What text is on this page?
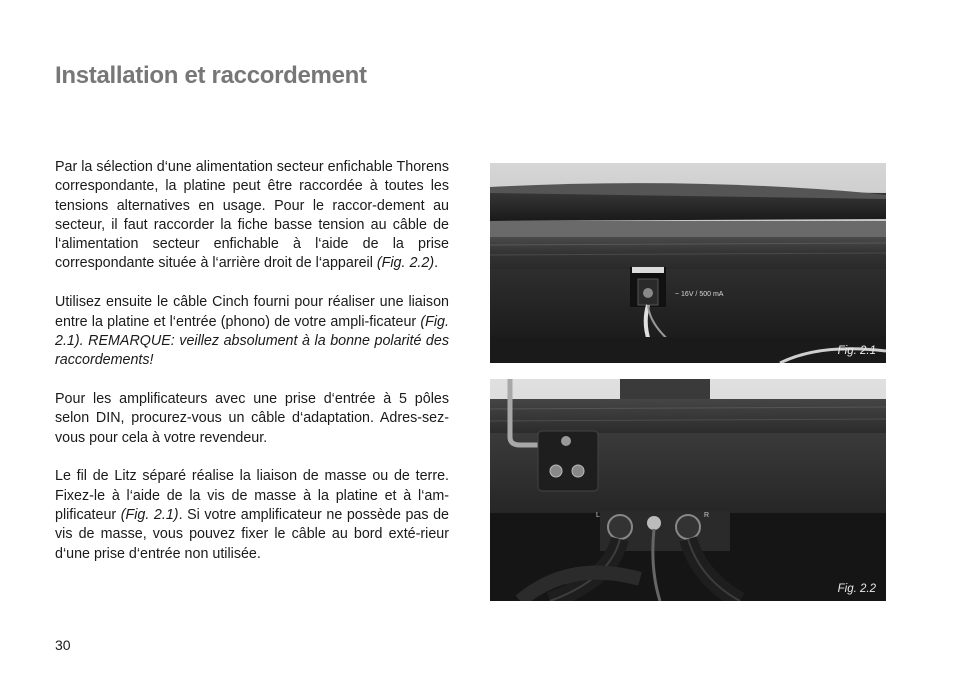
Installation et raccordement

Par la sélection d‘une alimentation secteur enfichable Thorens correspondante, la platine peut être raccordée à toutes les tensions alternatives en usage. Pour le raccor-dement au secteur, il faut raccorder la fiche basse tension au câble de l‘alimentation secteur enfichable à l‘aide de la prise correspondante située à l‘arrière droit de l‘appareil (Fig. 2.2).

Utilisez ensuite le câble Cinch fourni pour réaliser une liaison entre la platine et l‘entrée (phono) de votre ampli-ficateur (Fig. 2.1). REMARQUE: veillez absolument à la bonne polarité des raccordements!

Pour les amplificateurs avec une prise d‘entrée à 5 pôles selon DIN, procurez-vous un câble d‘adaptation. Adres-sez-vous pour cela à votre revendeur.

Le fil de Litz séparé réalise la liaison de masse ou de terre. Fixez-le à l‘aide de la vis de masse à la platine et à l‘am-plificateur (Fig. 2.1). Si votre amplificateur ne possède pas de vis de masse, vous pouvez fixer le câble au bord exté-rieur d‘une prise d‘entrée non utilisée.

~ 16V / 500 mA
Fig. 2.1
L	R
Fig. 2.2
30
